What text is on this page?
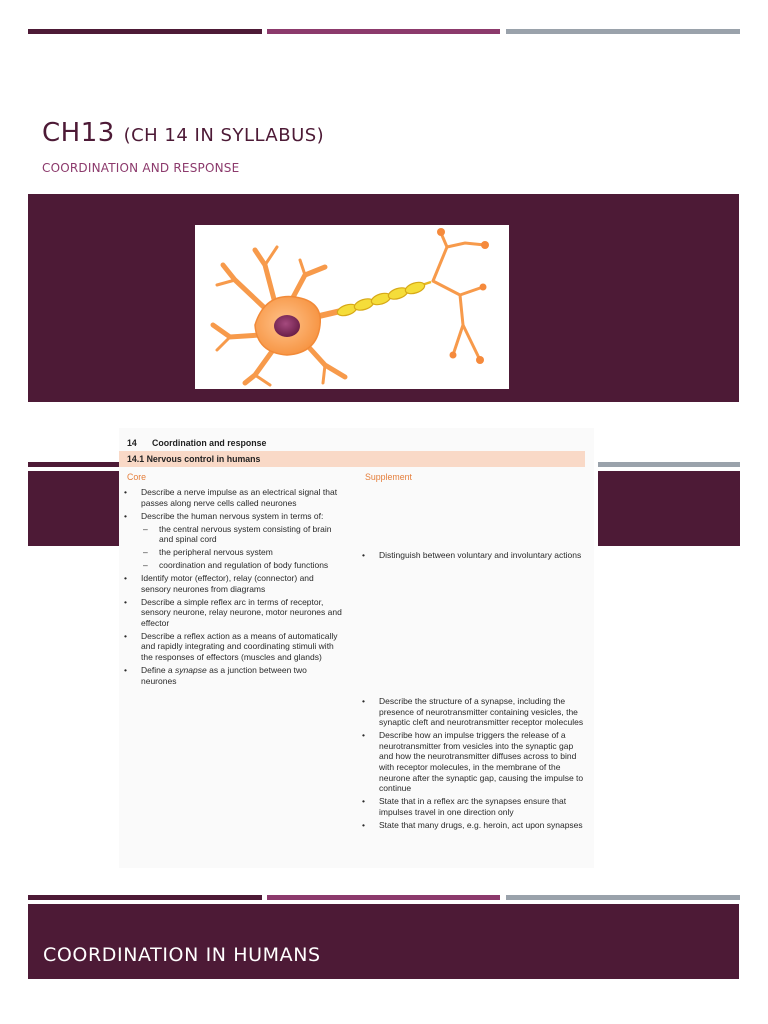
CH13 (CH 14 IN SYLLABUS)
COORDINATION AND RESPONSE
14 Coordination and response
14.1 Nervous control in humans
Core	Supplement
• Describe a nerve impulse as an electrical signal that passes along nerve cells called neurones
• Describe the human nervous system in terms of:
– the central nervous system consisting of brain and spinal cord
– the peripheral nervous system
– coordination and regulation of body functions
• Identify motor (effector), relay (connector) and sensory neurones from diagrams
• Describe a simple reflex arc in terms of receptor, sensory neurone, relay neurone, motor neurones and effector
• Describe a reflex action as a means of automatically and rapidly integrating and coordinating stimuli with the responses of effectors (muscles and glands)
• Define a synapse as a junction between two neurones
• Distinguish between voluntary and involuntary actions
• Describe the structure of a synapse, including the presence of neurotransmitter containing vesicles, the synaptic cleft and neurotransmitter receptor molecules
• Describe how an impulse triggers the release of a neurotransmitter from vesicles into the synaptic gap and how the neurotransmitter diffuses across to bind with receptor molecules, in the membrane of the neurone after the synaptic gap, causing the impulse to continue
• State that in a reflex arc the synapses ensure that impulses travel in one direction only
• State that many drugs, e.g. heroin, act upon synapses
COORDINATION IN HUMANS
